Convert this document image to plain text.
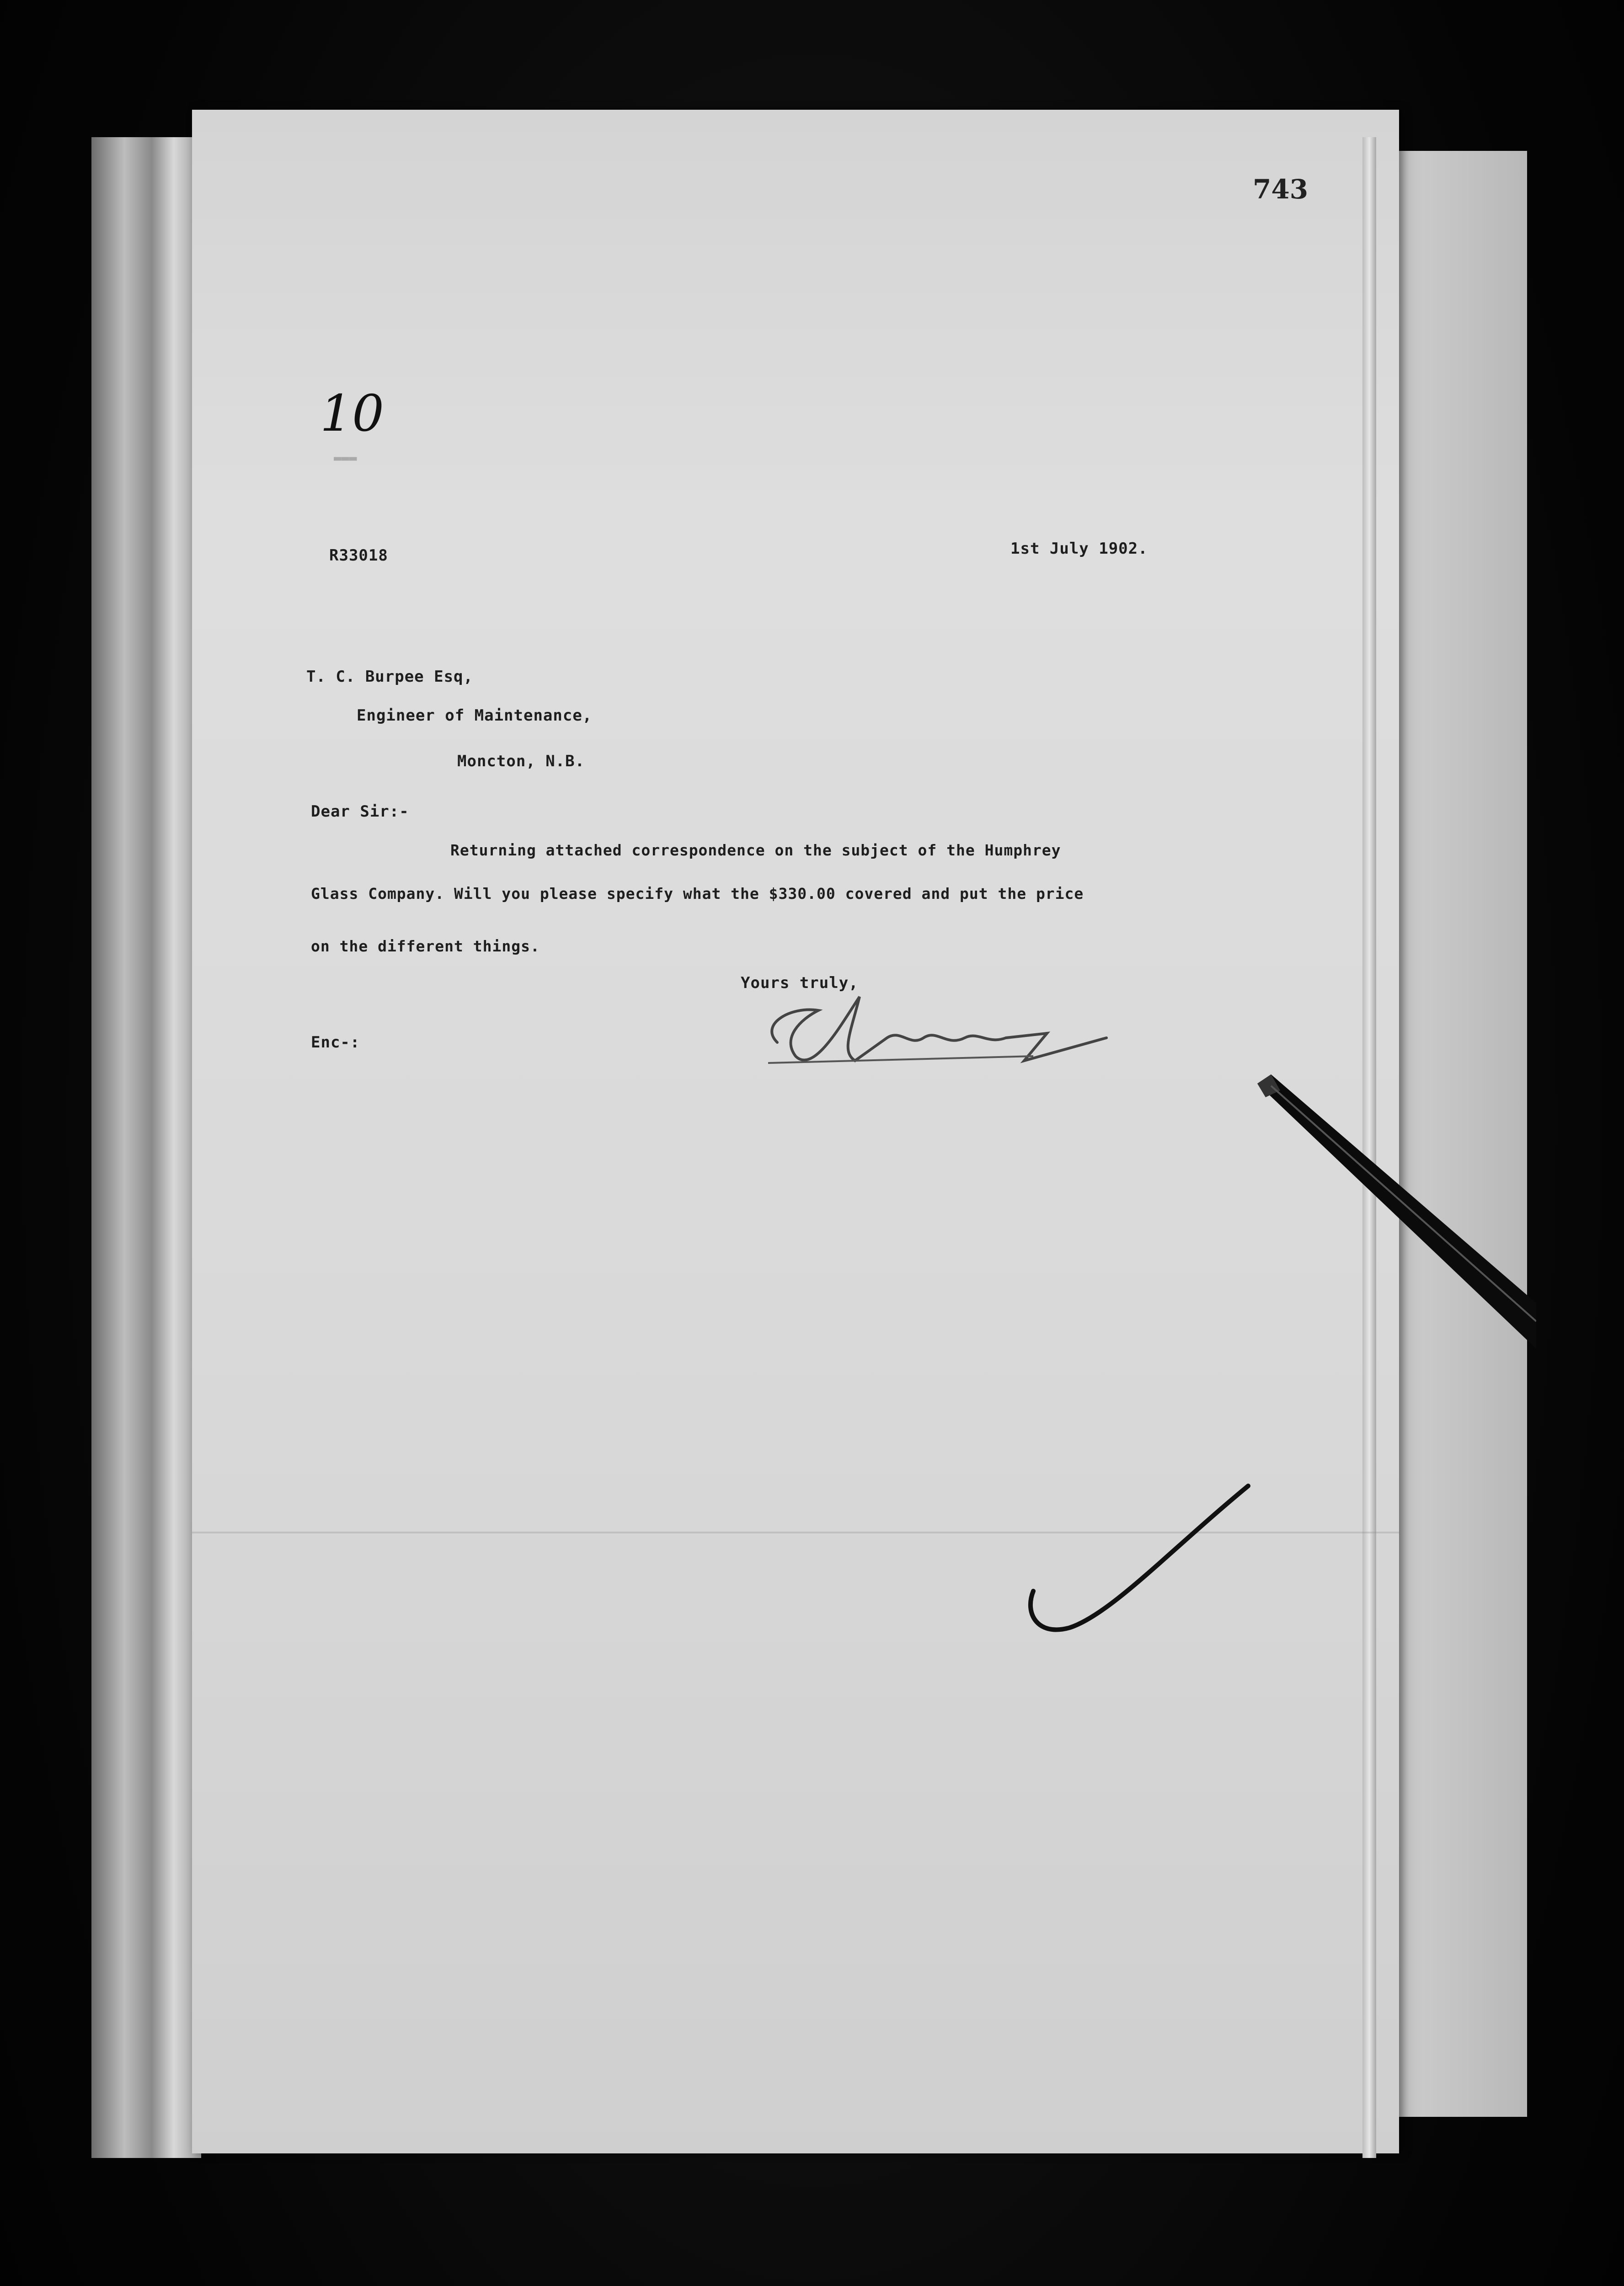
743
10
▬▬▬
R33018	1st July 1902.
T. C. Burpee Esq,
Engineer of Maintenance,
Moncton, N.B.
Dear Sir:-
Returning attached correspondence on the subject of the Humphrey
Glass Company. Will you please specify what the $330.00 covered and put the price
on the different things.
Yours truly,
Enc-:
